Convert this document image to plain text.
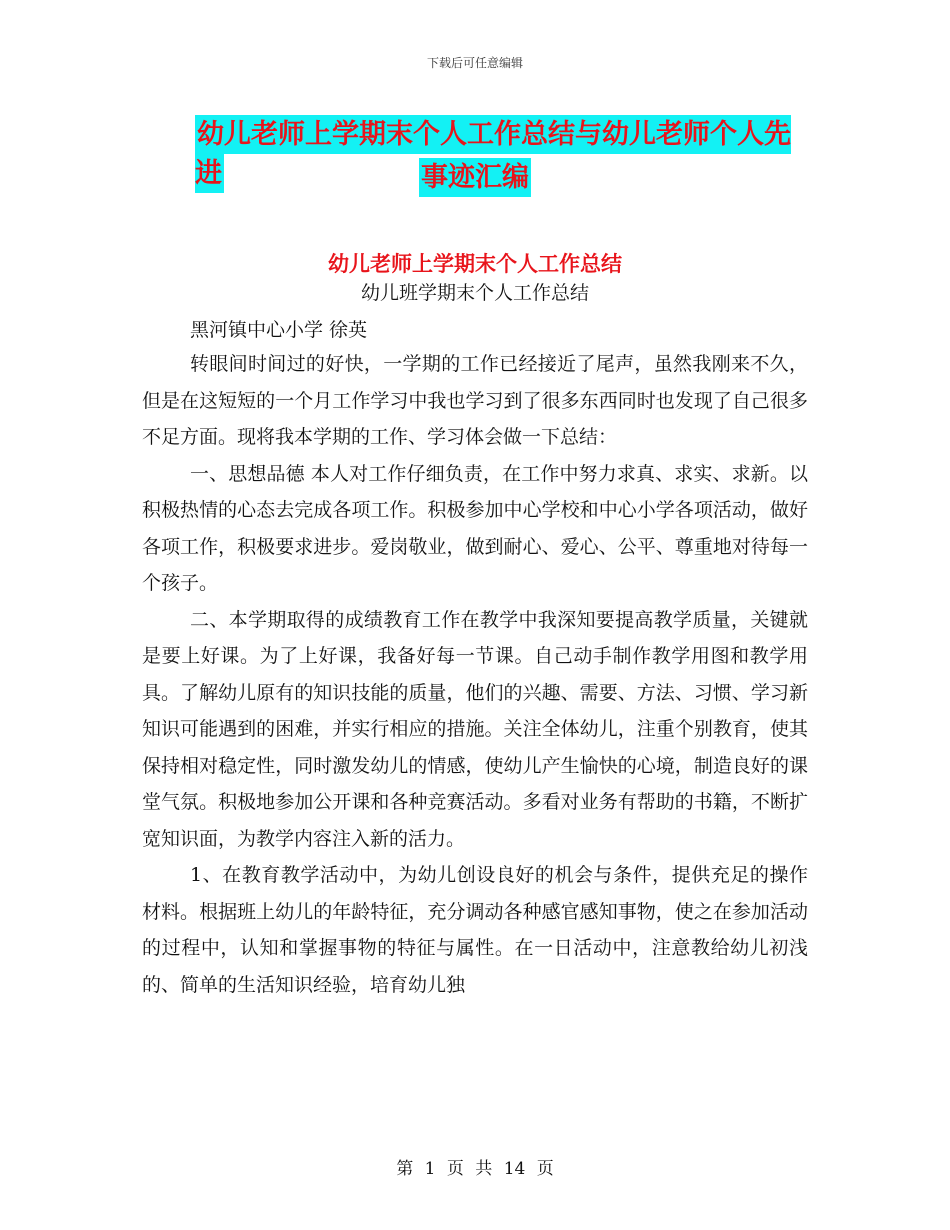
下载后可任意编辑
幼儿老师上学期末个人工作总结与幼儿老师个人先进	事迹汇编
幼儿老师上学期末个人工作总结
幼儿班学期末个人工作总结
黑河镇中心小学 徐英

转眼间时间过的好快，一学期的工作已经接近了尾声，虽然我刚来不久，但是在这短短的一个月工作学习中我也学习到了很多东西同时也发现了自己很多不足方面。现将我本学期的工作、学习体会做一下总结：

一、思想品德 本人对工作仔细负责，在工作中努力求真、求实、求新。以积极热情的心态去完成各项工作。积极参加中心学校和中心小学各项活动，做好各项工作，积极要求进步。爱岗敬业，做到耐心、爱心、公平、尊重地对待每一个孩子。

二、本学期取得的成绩教育工作在教学中我深知要提高教学质量，关键就是要上好课。为了上好课，我备好每一节课。自己动手制作教学用图和教学用具。了解幼儿原有的知识技能的质量，他们的兴趣、需要、方法、习惯、学习新知识可能遇到的困难，并实行相应的措施。关注全体幼儿，注重个别教育，使其保持相对稳定性，同时激发幼儿的情感，使幼儿产生愉快的心境，制造良好的课堂气氛。积极地参加公开课和各种竞赛活动。多看对业务有帮助的书籍，不断扩宽知识面，为教学内容注入新的活力。

1、在教育教学活动中，为幼儿创设良好的机会与条件，提供充足的操作材料。根据班上幼儿的年龄特征，充分调动各种感官感知事物，使之在参加活动的过程中，认知和掌握事物的特征与属性。在一日活动中，注意教给幼儿初浅的、简单的生活知识经验，培育幼儿独

第 1 页 共 14 页
